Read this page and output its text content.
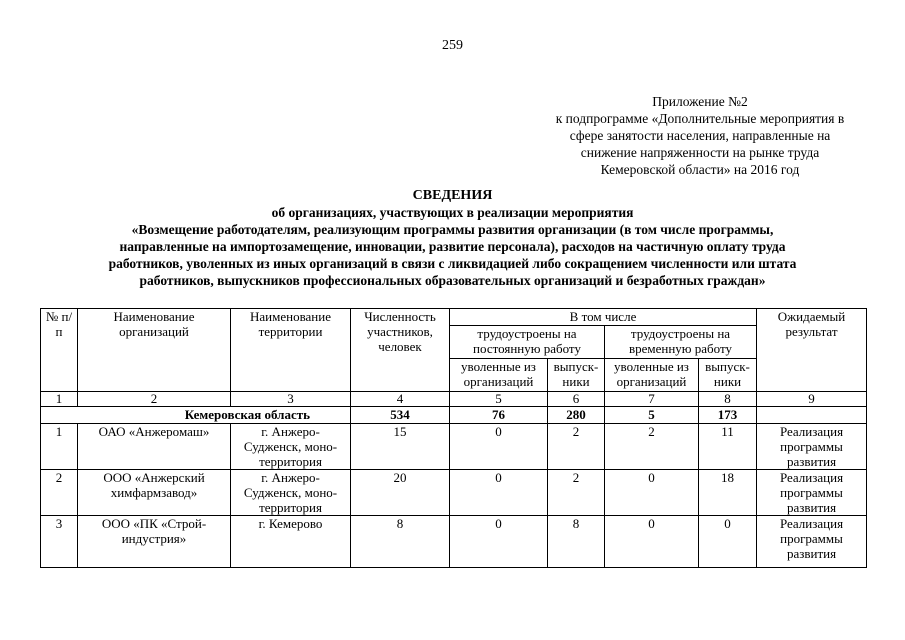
259
Приложение №2
к подпрограмме «Дополнительные мероприятия в
сфере занятости населения, направленные на
снижение напряженности на рынке труда
Кемеровской области» на 2016 год
СВЕДЕНИЯ
об организациях, участвующих в реализации мероприятия
«Возмещение работодателям, реализующим программы развития организации (в том числе программы,
направленные на импортозамещение, инновации, развитие персонала), расходов на частичную оплату труда
работников, уволенных из иных организаций в связи с ликвидацией либо сокращением численности или штата
работников, выпускников профессиональных образовательных организаций и безработных граждан»
№ п/п	Наименование организаций	Наименование территории	Численность участников, человек	В том числе				Ожидаемый результат
				трудоустроены на постоянную работу		трудоустроены на временную работу		
				уволенные из организаций	выпуск-ники	уволенные из организаций	выпуск-ники	
1	2	3	4	5	6	7	8	9
Кемеровская область			534	76	280	5	173	
1	ОАО «Анжеромаш»	г. Анжеро-Судженск, моно-территория	15	0	2	2	11	Реализация программы развития
2	ООО «Анжерский химфармзавод»	г. Анжеро-Судженск, моно-территория	20	0	2	0	18	Реализация программы развития
3	ООО «ПК «Строй-индустрия»	г. Кемерово	8	0	8	0	0	Реализация программы развития
